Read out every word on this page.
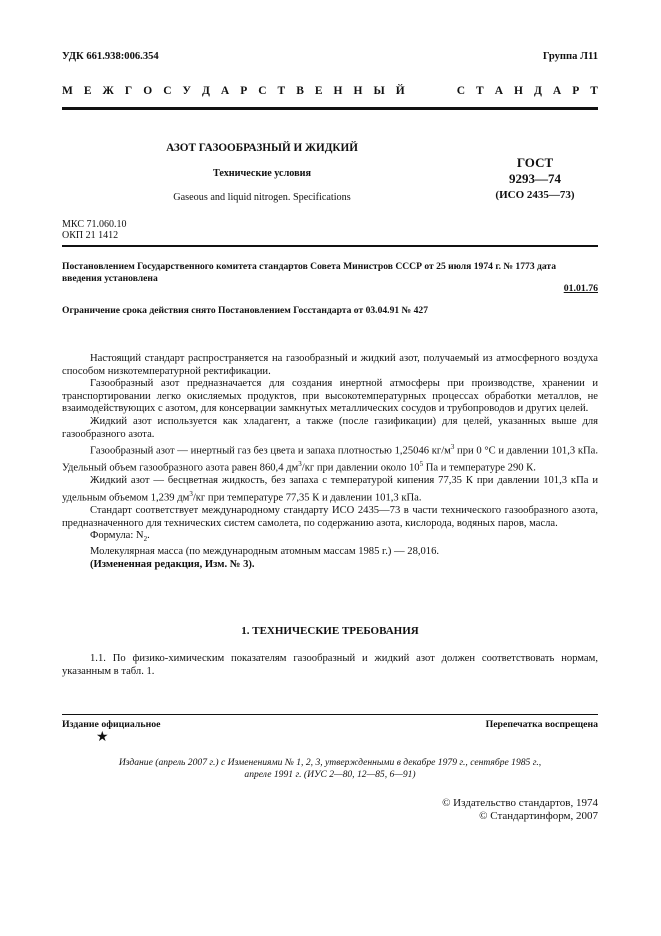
УДК 661.938:006.354	Группа Л11
М Е Ж Г О С У Д А Р С Т В Е Н Н Ы Й	С Т А Н Д А Р Т
АЗОТ ГАЗООБРАЗНЫЙ И ЖИДКИЙ
Технические условия
Gaseous and liquid nitrogen. Specifications
ГОСТ
9293—74
(ИСО 2435—73)
МКС 71.060.10
ОКП 21 1412
Постановлением Государственного комитета стандартов Совета Министров СССР от 25 июля 1974 г. № 1773 дата введения установлена
01.01.76
Ограничение срока действия снято Постановлением Госстандарта от 03.04.91 № 427

Настоящий стандарт распространяется на газообразный и жидкий азот, получаемый из атмосферного воздуха способом низкотемпературной ректификации.

Газообразный азот предназначается для создания инертной атмосферы при производстве, хранении и транспортировании легко окисляемых продуктов, при высокотемпературных процессах обработки металлов, не взаимодействующих с азотом, для консервации замкнутых металлических сосудов и трубопроводов и других целей.

Жидкий азот используется как хладагент, а также (после газификации) для целей, указанных выше для газообразного азота.

Газообразный азот — инертный газ без цвета и запаха плотностью 1,25046 $кг/м^3$ при 0 °С и давлении 101,3 кПа. Удельный объем газообразного азота равен 860,4 $дм^3/кг$ при давлении около $10^5$ Па и температуре 290 К.

Жидкий азот — бесцветная жидкость, без запаха с температурой кипения 77,35 К при давлении 101,3 кПа и удельным объемом 1,239 $дм^3/кг$ при температуре 77,35 К и давлении 101,3 кПа.

Стандарт соответствует международному стандарту ИСО 2435—73 в части технического газообразного азота, предназначенного для технических систем самолета, по содержанию азота, кислорода, водяных паров, масла.

Формула: $N_2$.

Молекулярная масса (по международным атомным массам 1985 г.) — 28,016.

(Измененная редакция, Изм. № 3).

1. ТЕХНИЧЕСКИЕ ТРЕБОВАНИЯ

1.1. По физико-химическим показателям газообразный и жидкий азот должен соответствовать нормам, указанным в табл. 1.

Издание официальное	Перепечатка воспрещена
★
Издание (апрель 2007 г.) с Изменениями № 1, 2, 3, утвержденными в декабре 1979 г., сентябре 1985 г.,
апреле 1991 г. (ИУС 2—80, 12—85, 6—91)
© Издательство стандартов, 1974
© Стандартинформ, 2007
